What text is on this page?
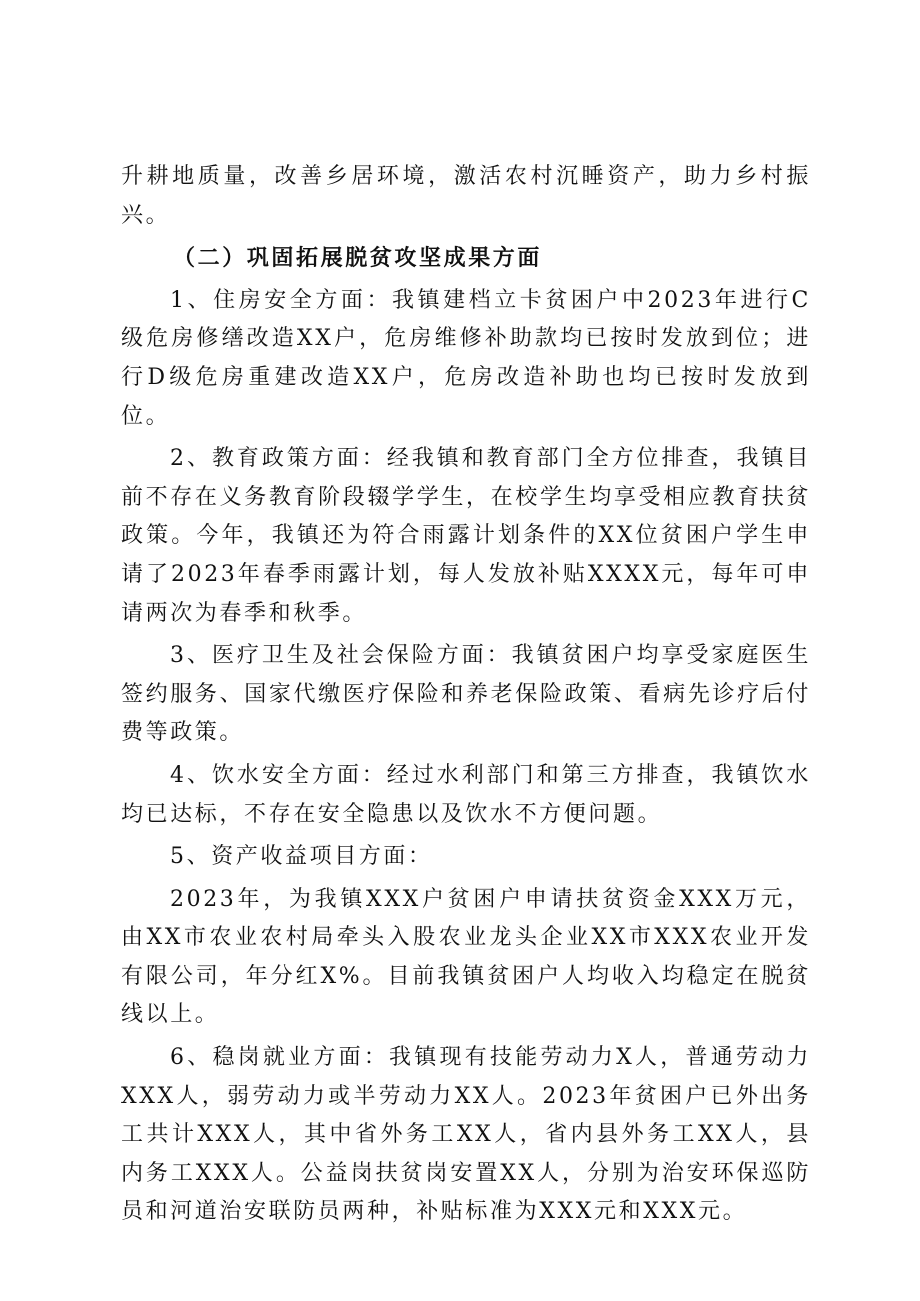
升耕地质量，改善乡居环境，激活农村沉睡资产，助力乡村振兴。

（二）巩固拓展脱贫攻坚成果方面

1、住房安全方面：我镇建档立卡贫困户中2023年进行C级危房修缮改造XX户，危房维修补助款均已按时发放到位；进行D级危房重建改造XX户，危房改造补助也均已按时发放到位。

2、教育政策方面：经我镇和教育部门全方位排查，我镇目前不存在义务教育阶段辍学学生，在校学生均享受相应教育扶贫政策。今年，我镇还为符合雨露计划条件的XX位贫困户学生申请了2023年春季雨露计划，每人发放补贴XXXX元，每年可申请两次为春季和秋季。

3、医疗卫生及社会保险方面：我镇贫困户均享受家庭医生签约服务、国家代缴医疗保险和养老保险政策、看病先诊疗后付费等政策。

4、饮水安全方面：经过水利部门和第三方排查，我镇饮水均已达标，不存在安全隐患以及饮水不方便问题。

5、资产收益项目方面：

2023年，为我镇XXX户贫困户申请扶贫资金XXX万元，由XX市农业农村局牵头入股农业龙头企业XX市XXX农业开发有限公司，年分红X%。目前我镇贫困户人均收入均稳定在脱贫线以上。

6、稳岗就业方面：我镇现有技能劳动力X人，普通劳动力XXX人，弱劳动力或半劳动力XX人。2023年贫困户已外出务工共计XXX人，其中省外务工XX人，省内县外务工XX人，县内务工XXX人。公益岗扶贫岗安置XX人，分别为治安环保巡防员和河道治安联防员两种，补贴标准为XXX元和XXX元。
